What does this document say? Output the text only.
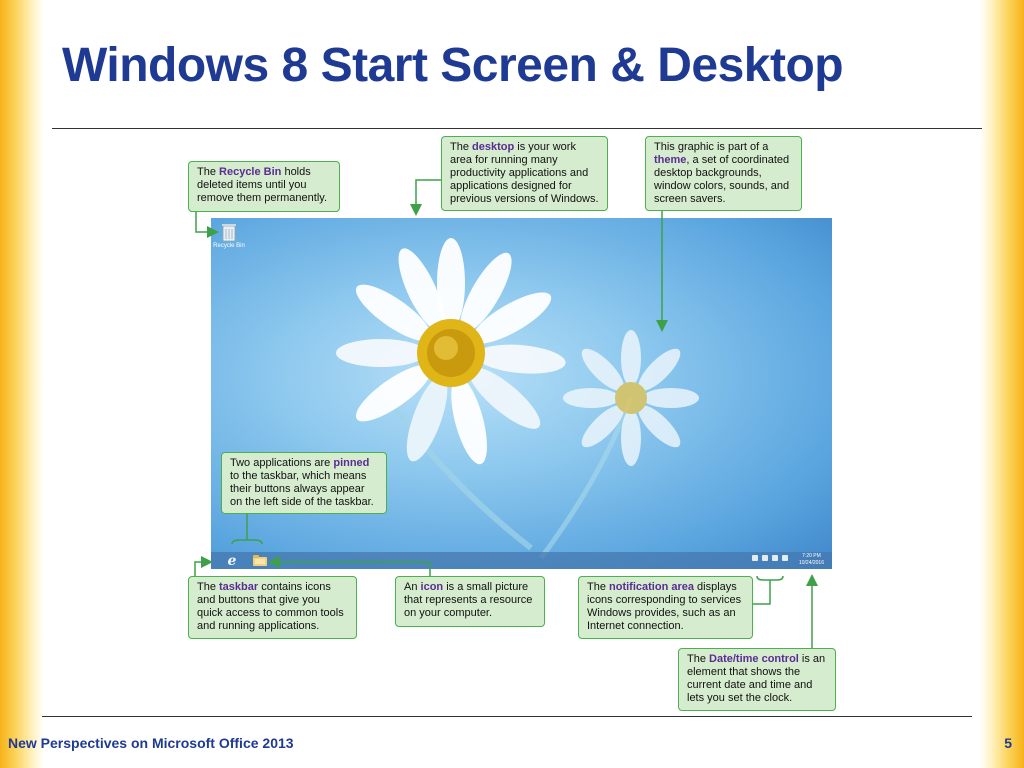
Windows 8 Start Screen & Desktop
Recycle Bin
e	7:20 PM
10/24/2016
The Recycle Bin holds deleted items until you remove them permanently.
The desktop is your work area for running many productivity applications and applications designed for previous versions of Windows.
This graphic is part of a theme, a set of coordinated desktop backgrounds, window colors, sounds, and screen savers.
Two applications are pinned to the taskbar, which means their buttons always appear on the left side of the taskbar.
The taskbar contains icons and buttons that give you quick access to common tools and running applications.
An icon is a small picture that represents a resource on your computer.
The notification area displays icons corresponding to services Windows provides, such as an Internet connection.
The Date/time control is an element that shows the current date and time and lets you set the clock.
New Perspectives on Microsoft Office 2013	5
